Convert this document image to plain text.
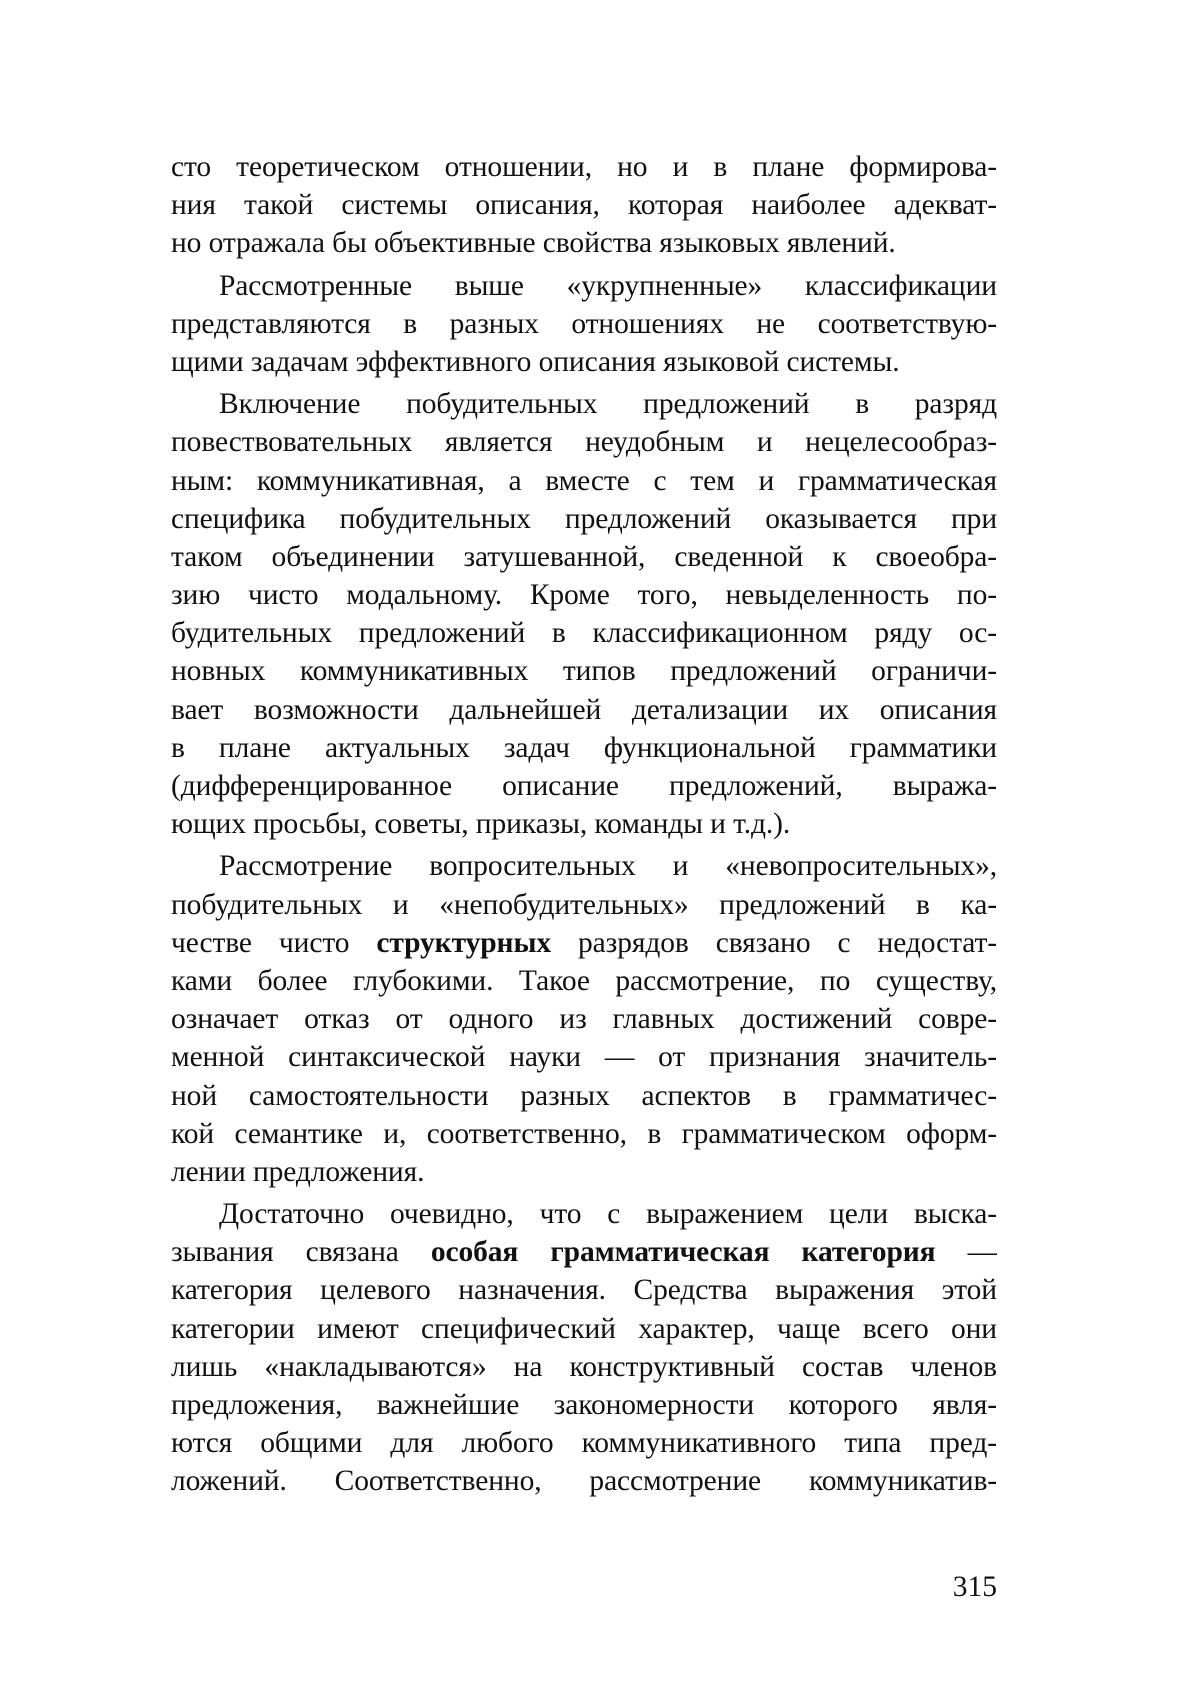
сто теоретическом отношении, но и в плане формирова-
ния такой системы описания, которая наиболее адекват-
но отражала бы объективные свойства языковых явлений.
Рассмотренные выше «укрупненные» классификации
представляются в разных отношениях не соответствую-
щими задачам эффективного описания языковой системы.
Включение побудительных предложений в разряд
повествовательных является неудобным и нецелесообраз-
ным: коммуникативная, а вместе с тем и грамматическая
специфика побудительных предложений оказывается при
таком объединении затушеванной, сведенной к своеобра-
зию чисто модальному. Кроме того, невыделенность по-
будительных предложений в классификационном ряду ос-
новных коммуникативных типов предложений ограничи-
вает возможности дальнейшей детализации их описания
в плане актуальных задач функциональной грамматики
(дифференцированное описание предложений, выража-
ющих просьбы, советы, приказы, команды и т.д.).
Рассмотрение вопросительных и «невопросительных»,
побудительных и «непобудительных» предложений в ка-
честве чисто структурных разрядов связано с недостат-
ками более глубокими. Такое рассмотрение, по существу,
означает отказ от одного из главных достижений совре-
менной синтаксической науки — от признания значитель-
ной самостоятельности разных аспектов в грамматичес-
кой семантике и, соответственно, в грамматическом оформ-
лении предложения.
Достаточно очевидно, что с выражением цели выска-
зывания связана особая грамматическая категория —
категория целевого назначения. Средства выражения этой
категории имеют специфический характер, чаще всего они
лишь «накладываются» на конструктивный состав членов
предложения, важнейшие закономерности которого явля-
ются общими для любого коммуникативного типа пред-
ложений. Соответственно, рассмотрение коммуникатив-
315
